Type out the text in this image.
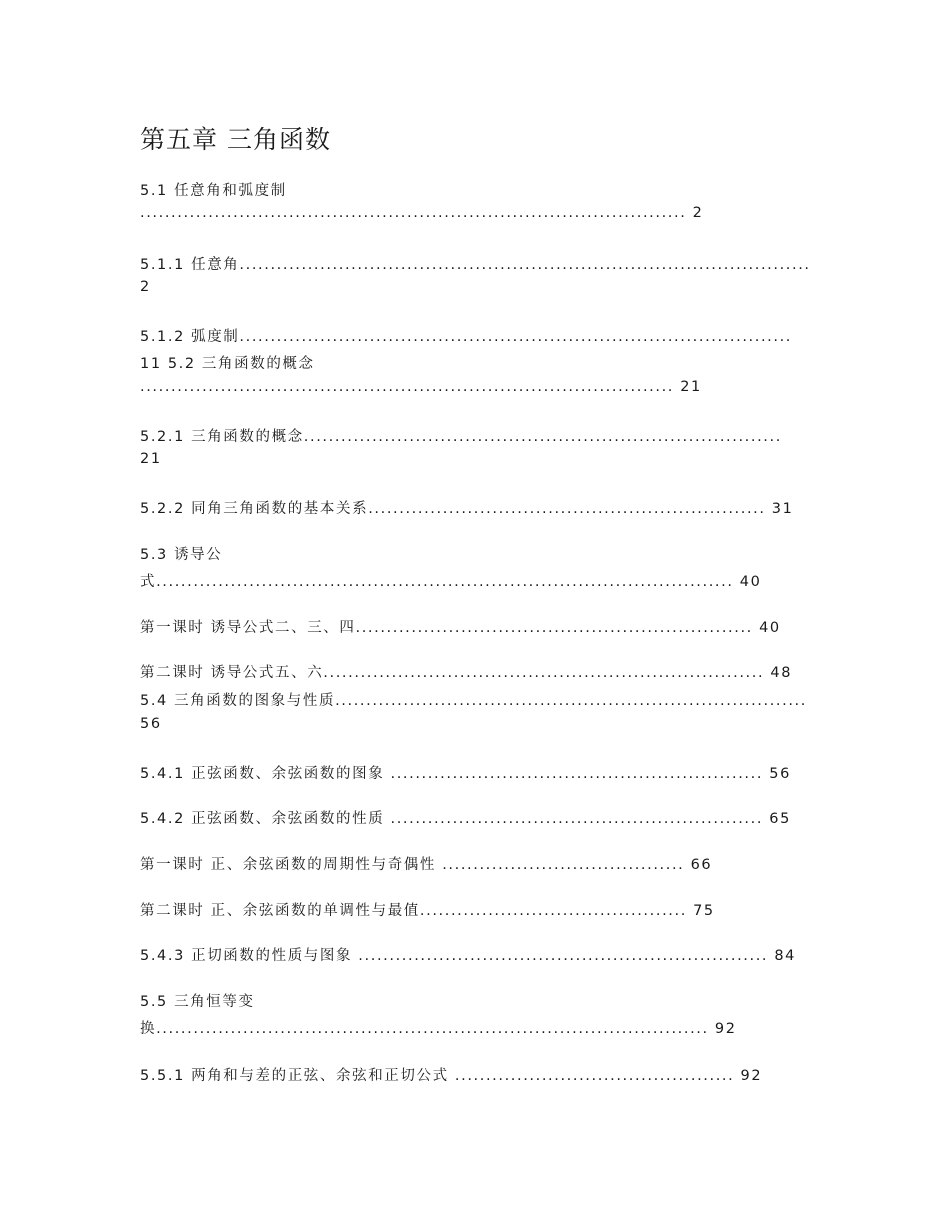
第五章 三角函数
5.1 任意角和弧度制
........................................................................................ 2
5.1.1 任意角............................................................................................
2
5.1.2 弧度制.........................................................................................
11 5.2 三角函数的概念
...................................................................................... 21
5.2.1 三角函数的概念.............................................................................
21
5.2.2 同角三角函数的基本关系................................................................ 31
5.3 诱导公
式............................................................................................. 40
第一课时 诱导公式二、三、四................................................................ 40
第二课时 诱导公式五、六....................................................................... 48
5.4 三角函数的图象与性质............................................................................
56
5.4.1 正弦函数、余弦函数的图象 ............................................................ 56
5.4.2 正弦函数、余弦函数的性质 ............................................................ 65
第一课时 正、余弦函数的周期性与奇偶性 ....................................... 66
第二课时 正、余弦函数的单调性与最值........................................... 75
5.4.3 正切函数的性质与图象 .................................................................. 84
5.5 三角恒等变
换......................................................................................... 92
5.5.1 两角和与差的正弦、余弦和正切公式 ............................................. 92
